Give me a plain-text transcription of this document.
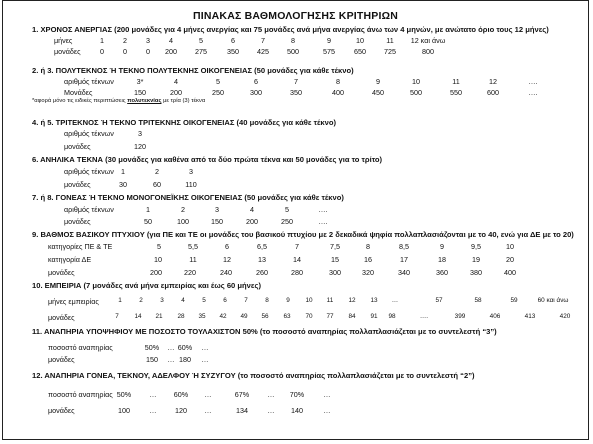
ΠΙΝΑΚΑΣ ΒΑΘΜΟΛΟΓΗΣΗΣ ΚΡΙΤΗΡΙΩΝ
1. ΧΡΟΝΟΣ ΑΝΕΡΓΙΑΣ (200 μονάδες για 4 μήνες ανεργίας και 75 μονάδες ανά μήνα ανεργίας άνω των 4 μηνών, με ανώτατο όριο τους 12 μήνες)
μήνες	1	2	3	4	5	6	7	8	9	10	11 12 και άνω
μονάδες	0	0	0 200	275	350	425	500	575	650	725	800
2. ή 3. ΠΟΛΥΤΕΚΝΟΣ Ή ΤΕΚΝΟ ΠΟΛΥΤΕΚΝΗΣ ΟΙΚΟΓΕΝΕΙΑΣ (50 μονάδες για κάθε τέκνο)
αριθμός τέκνων	3*	4	5	6	7	8	9	10	11	12	….
Μονάδες	150	200	250	300	350	400	450	500	550	600	….
*αφορά μόνο τις ειδικές περιπτώσεις πολυτεκνίας με τρία (3) τέκνα
4. ή 5. ΤΡΙΤΕΚΝΟΣ Ή ΤΕΚΝΟ ΤΡΙΤΕΚΝΗΣ ΟΙΚΟΓΕΝΕΙΑΣ (40 μονάδες για κάθε τέκνο)
αριθμός τέκνων	3
μονάδες	120
6. ΑΝΗΛΙΚΑ ΤΕΚΝΑ (30 μονάδες για καθένα από τα δύο πρώτα τέκνα και 50 μονάδες για το τρίτο)
αριθμός τέκνων 1	2	3
μονάδες	30	60	110
7. ή 8. ΓΟΝΕΑΣ Ή ΤΕΚΝΟ ΜΟΝΟΓΟΝΕΪΚΗΣ ΟΙΚΟΓΕΝΕΙΑΣ (50 μονάδες για κάθε τέκνο)
αριθμός τέκνων	1	2	3	4	5	….
μονάδες	50	100	150	200	250	….
9. ΒΑΘΜΟΣ ΒΑΣΙΚΟΥ ΠΤΥΧΙΟΥ (για ΠΕ και ΤΕ οι μονάδες του βασικού πτυχίου με 2 δεκαδικά ψηφία πολλαπλασιάζονται με το 40, ενώ για ΔΕ με το 20)
κατηγορίες ΠΕ & ΤΕ	5	5,5	6	6,5	7	7,5	8	8,5	9	9,5	10
κατηγορία ΔΕ	10	11	12	13	14	15	16	17	18	19	20
μονάδες	200	220	240	260	280	300	320	340	360	380	400
10. ΕΜΠΕΙΡΙΑ (7 μονάδες ανά μήνα εμπειρίας και έως 60 μήνες)
μήνες εμπειρίας	1	2	3	4	5	6	7	8	9 10 11 12 13 …	57	58	59	60 και άνω
μονάδες	7 14 21 28 35 42 49 56 63 70 77 84 91 98	….	399	406	413	420
11. ΑΝΑΠΗΡΙΑ ΥΠΟΨΗΦΙΟΥ ΜΕ ΠΟΣΟΣΤΟ ΤΟΥΛΑΧΙΣΤΟΝ 50% (το ποσοστό αναπηρίας πολλαπλασιάζεται με το συντελεστή “3”)
ποσοστό αναπηρίας	50% … 60% …
μονάδες	150 … 180 …
12. ΑΝΑΠΗΡΙΑ ΓΟΝΕΑ, ΤΕΚΝΟΥ, ΑΔΕΛΦΟΥ Ή ΣΥΖΥΓΟΥ (το ποσοστό αναπηρίας πολλαπλασιάζεται με το συντελεστή “2”)
ποσοστό αναπηρίας 50%	… 60% …	67%	… 70%	…
μονάδες	100	…	120 …	134	… 140	…
